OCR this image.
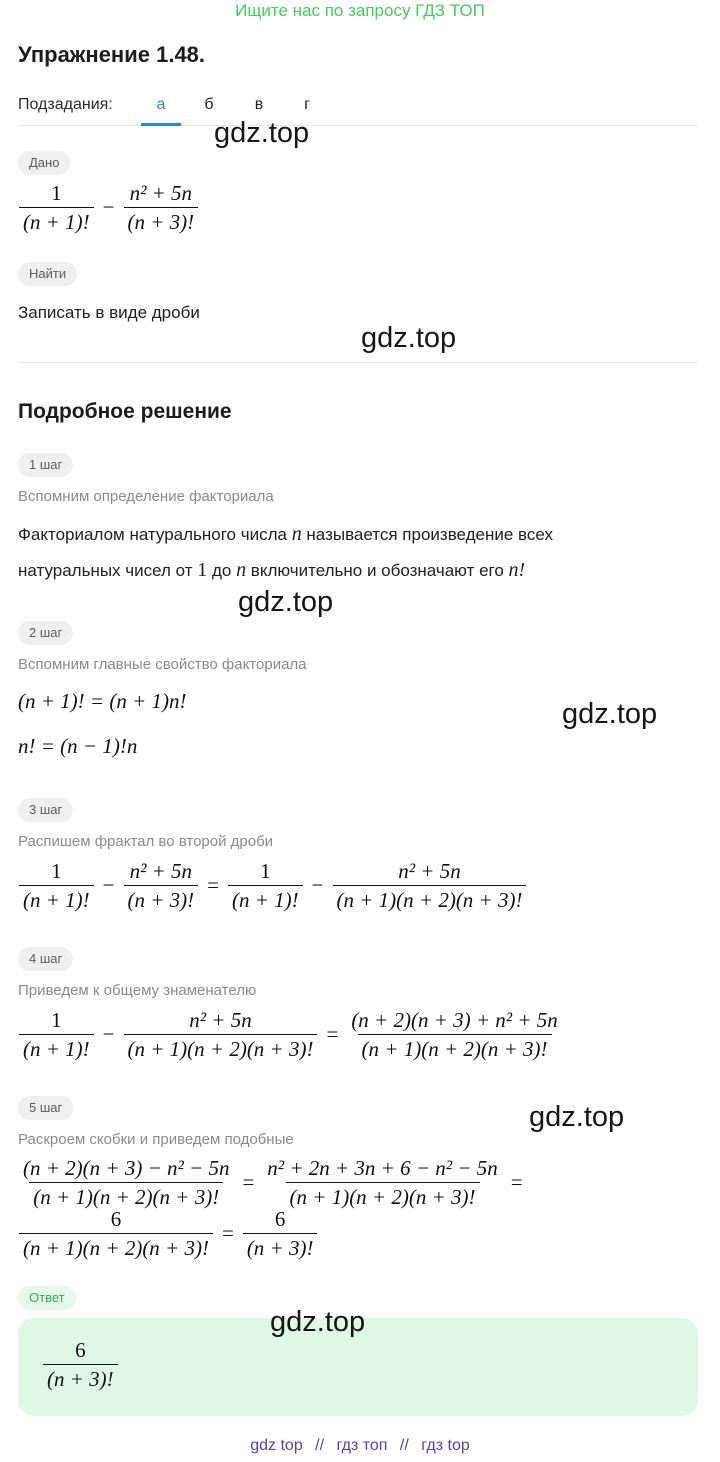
Ищите нас по запросу ГДЗ ТОП
Упражнение 1.48.
Подзадания:	а	б	в	г
gdz.top
Дано
$\frac{1}{(n + 1)!} - \frac{\text{n² + 5n}}{(n + 3)!}$
Найти
Записать в виде дроби
gdz.top
Подробное решение
1 шаг
Вспомним определение факториала
Факториалом натурального числа n называется произведение всех
натуральных чисел от 1 до n включительно и обозначают его n!
gdz.top
2 шаг
Вспомним главные свойство факториала
(n + 1)! = (n + 1)n!
n! = (n − 1)!n
gdz.top
3 шаг
Распишем фрактал во второй дроби
$\frac{1}{(n + 1)!} - \frac{\text{n² + 5n}}{(n + 3)!} = \frac{1}{(n + 1)!} - \frac{\text{n² + 5n}}{(n + 1)(n + 2)(n + 3)!}$
4 шаг
Приведем к общему знаменателю
$\frac{1}{(n + 1)!} - \frac{\text{n² + 5n}}{(n + 1)(n + 2)(n + 3)!} = \frac{\text{(n + 2)(n + 3) + n² + 5n}}{(n + 1)(n + 2)(n + 3)!}$
5 шаг
Раскроем скобки и приведем подобные
gdz.top
$\frac{\text{(n + 2)(n + 3) − n² − 5n}}{(n + 1)(n + 2)(n + 3)!} = \frac{\text{n² + 2n + 3n + 6 − n² − 5n}}{(n + 1)(n + 2)(n + 3)!}$ =
$\frac{6}{(n + 1)(n + 2)(n + 3)!} = \frac{6}{(n + 3)!}$
Ответ
$\frac{6}{(n + 3)!}$
gdz.top
gdz top // гдз топ // гдз top
